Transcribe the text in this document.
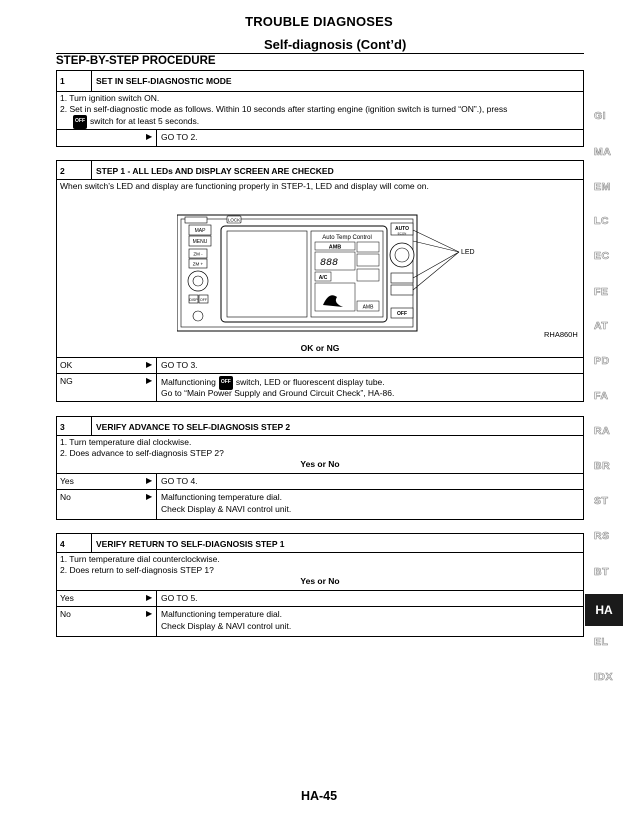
TROUBLE DIAGNOSES
Self-diagnosis (Cont’d)
STEP-BY-STEP PROCEDURE
1	SET IN SELF-DIAGNOSTIC MODE
1. Turn ignition switch ON.
2. Set in self-diagnostic mode as follows. Within 10 seconds after starting engine (ignition switch is turned “ON”.), press
OFF switch for at least 5 seconds.
▶ GO TO 2.
2	STEP 1 - ALL LEDs AND DISPLAY SCREEN ARE CHECKED
When switch’s LED and display are functioning properly in STEP-1, LED and display will come on.
LOCK
MAP
MENU
ZM -
ZM +
DISP OFF
Auto Temp Control
AMB
888
A/C
AMB
AUTO
ECON
OFF
LED
RHA860H
OK or NG
OK	▶ GO TO 3.
NG	▶ Malfunctioning OFF switch, LED or fluorescent display tube.
Go to “Main Power Supply and Ground Circuit Check”, HA-86.
3	VERIFY ADVANCE TO SELF-DIAGNOSIS STEP 2
1. Turn temperature dial clockwise.
2. Does advance to self-diagnosis STEP 2?
Yes or No
Yes	▶ GO TO 4.
No	▶ Malfunctioning temperature dial.
Check Display & NAVI control unit.
4	VERIFY RETURN TO SELF-DIAGNOSIS STEP 1
1. Turn temperature dial counterclockwise.
2. Does return to self-diagnosis STEP 1?
Yes or No
Yes	▶ GO TO 5.
No	▶ Malfunctioning temperature dial.
Check Display & NAVI control unit.
GI
MA
EM
LC
EC
FE
AT
PD
FA
RA
BR
ST
RS
BT
HA
EL
IDX
HA-45
